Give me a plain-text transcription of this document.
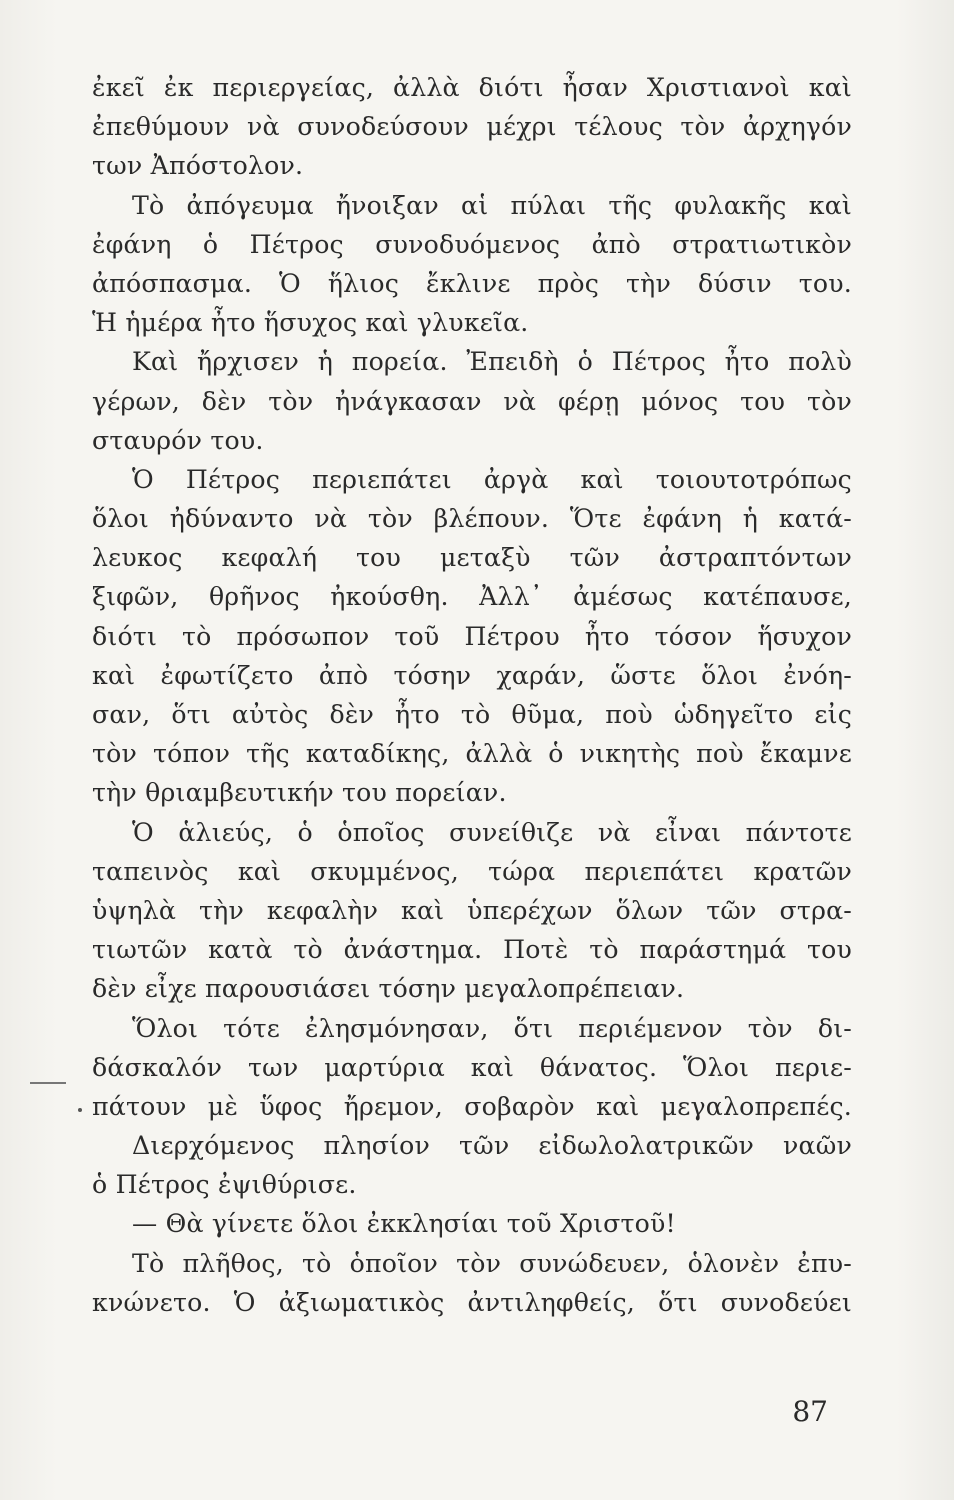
ἐκεῖ ἐκ περιεργείας, ἀλλὰ διότι ἦσαν Χριστιανοὶ καὶ
ἐπεθύμουν νὰ συνοδεύσουν μέχρι τέλους τὸν ἀρχηγόν
των Ἀπόστολον.
Τὸ ἀπόγευμα ἤνοιξαν αἱ πύλαι τῆς φυλακῆς καὶ
ἐφάνη ὁ Πέτρος συνοδυόμενος ἀπὸ στρατιωτικὸν
ἀπόσπασμα. Ὁ ἥλιος ἔκλινε πρὸς τὴν δύσιν του.
Ἡ ἡμέρα ἦτο ἥσυχος καὶ γλυκεῖα.
Καὶ ἤρχισεν ἡ πορεία. Ἐπειδὴ ὁ Πέτρος ἦτο πολὺ
γέρων, δὲν τὸν ἠνάγκασαν νὰ φέρῃ μόνος του τὸν
σταυρόν του.
Ὁ Πέτρος περιεπάτει ἀργὰ καὶ τοιουτοτρόπως
ὅλοι ἠδύναντο νὰ τὸν βλέπουν. Ὅτε ἐφάνη ἡ κατά-
λευκος κεφαλή του μεταξὺ τῶν ἀστραπτόντων
ξιφῶν, θρῆνος ἠκούσθη. Ἀλλ᾿ ἀμέσως κατέπαυσε,
διότι τὸ πρόσωπον τοῦ Πέτρου ἦτο τόσον ἥσυχον
καὶ ἐφωτίζετο ἀπὸ τόσην χαράν, ὥστε ὅλοι ἐνόη-
σαν, ὅτι αὐτὸς δὲν ἦτο τὸ θῦμα, ποὺ ὡδηγεῖτο εἰς
τὸν τόπον τῆς καταδίκης, ἀλλὰ ὁ νικητὴς ποὺ ἔκαμνε
τὴν θριαμβευτικήν του πορείαν.
Ὁ ἁλιεύς, ὁ ὁποῖος συνείθιζε νὰ εἶναι πάντοτε
ταπεινὸς καὶ σκυμμένος, τώρα περιεπάτει κρατῶν
ὑψηλὰ τὴν κεφαλὴν καὶ ὑπερέχων ὅλων τῶν στρα-
τιωτῶν κατὰ τὸ ἀνάστημα. Ποτὲ τὸ παράστημά του
δὲν εἶχε παρουσιάσει τόσην μεγαλοπρέπειαν.
Ὅλοι τότε ἐλησμόνησαν, ὅτι περιέμενον τὸν δι-
δάσκαλόν των μαρτύρια καὶ θάνατος. Ὅλοι περιε-
πάτουν μὲ ὕφος ἤρεμον, σοβαρὸν καὶ μεγαλοπρεπές.
Διερχόμενος πλησίον τῶν εἰδωλολατρικῶν ναῶν
ὁ Πέτρος ἐψιθύρισε.
— Θὰ γίνετε ὅλοι ἐκκλησίαι τοῦ Χριστοῦ!
Τὸ πλῆθος, τὸ ὁποῖον τὸν συνώδευεν, ὁλονὲν ἐπυ-
κνώνετο. Ὁ ἀξιωματικὸς ἀντιληφθείς, ὅτι συνοδεύει
87
